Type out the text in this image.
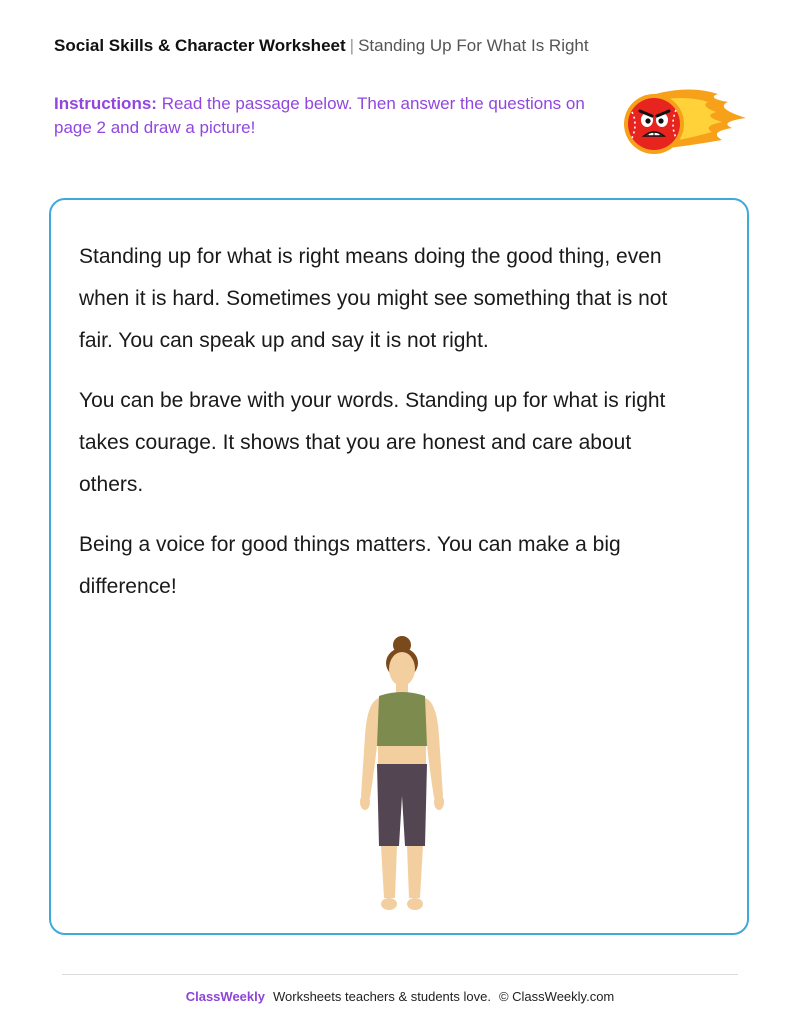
Social Skills & Character Worksheet | Standing Up For What Is Right
Instructions: Read the passage below. Then answer the questions on page 2 and draw a picture!

Standing up for what is right means doing the good thing, even when it is hard. Sometimes you might see something that is not fair. You can speak up and say it is not right.

You can be brave with your words. Standing up for what is right takes courage. It shows that you are honest and care about others.

Being a voice for good things matters. You can make a big difference!

ClassWeekly Worksheets teachers & students love. © ClassWeekly.com
